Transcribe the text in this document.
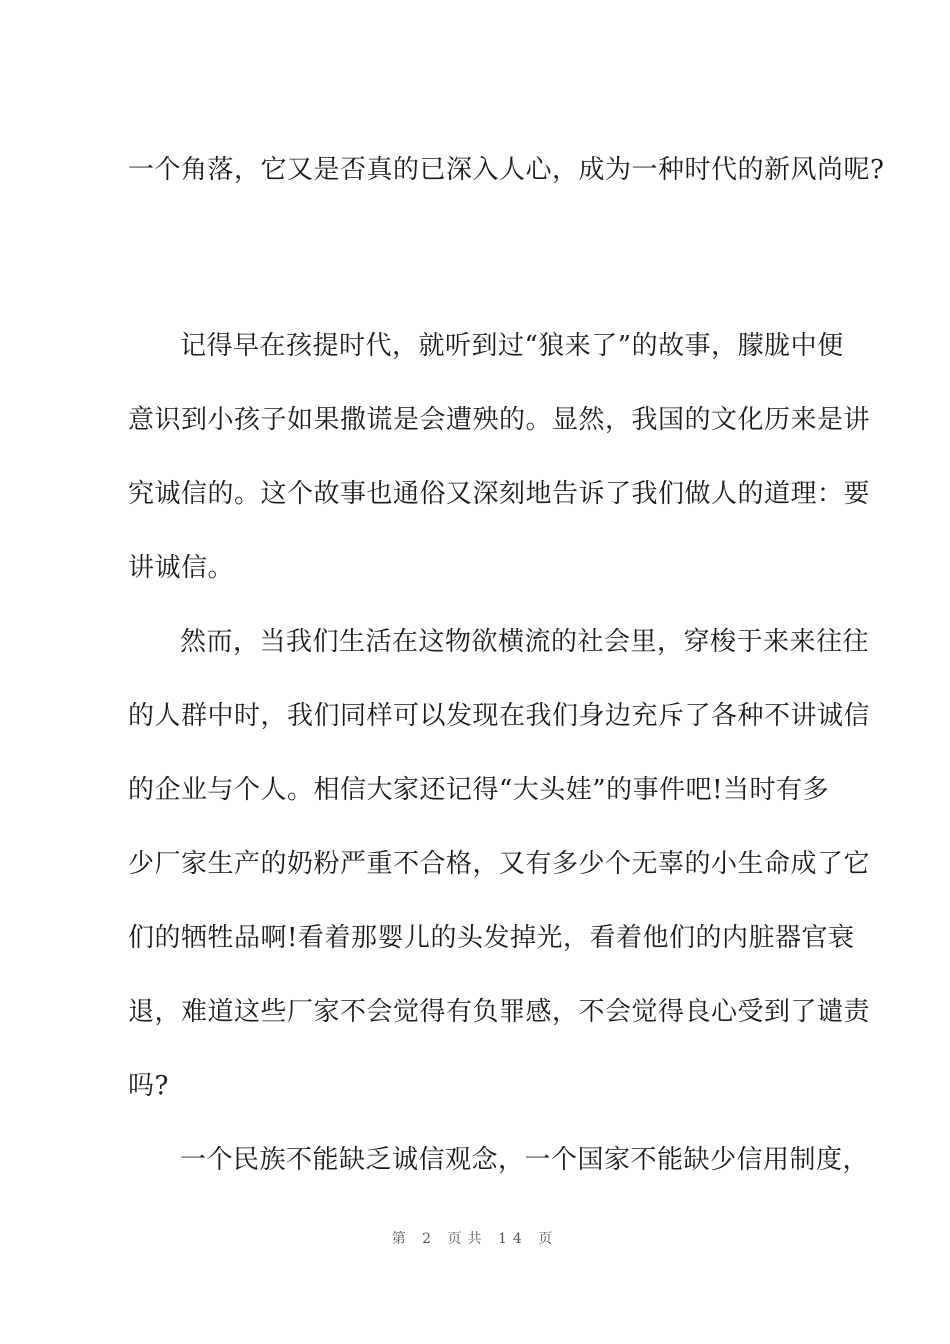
一个角落，它又是否真的已深入人心，成为一种时代的新风尚呢?
记得早在孩提时代，就听到过“狼来了”的故事，朦胧中便
意识到小孩子如果撒谎是会遭殃的。显然，我国的文化历来是讲
究诚信的。这个故事也通俗又深刻地告诉了我们做人的道理：要
讲诚信。
然而，当我们生活在这物欲横流的社会里，穿梭于来来往往
的人群中时，我们同样可以发现在我们身边充斥了各种不讲诚信
的企业与个人。相信大家还记得“大头娃”的事件吧!当时有多
少厂家生产的奶粉严重不合格，又有多少个无辜的小生命成了它
们的牺牲品啊!看着那婴儿的头发掉光，看着他们的内脏器官衰
退，难道这些厂家不会觉得有负罪感，不会觉得良心受到了谴责
吗?
一个民族不能缺乏诚信观念，一个国家不能缺少信用制度，
第 2 页共 14 页
